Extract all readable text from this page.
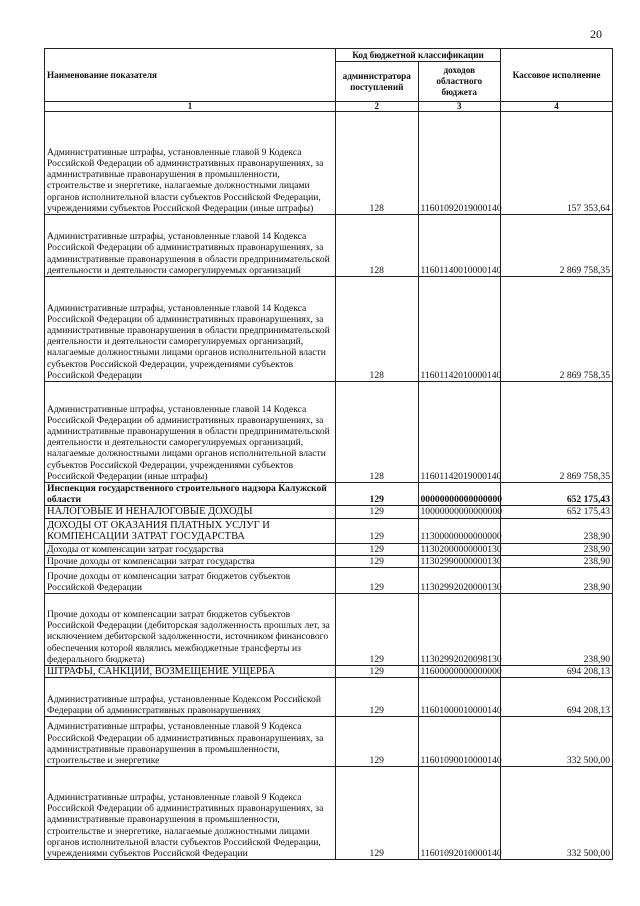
20
Наименование показателя	Код бюджетной классификации		Кассовое исполнение
	администратора поступлений	доходов областного бюджета	
1	2	3	4
Административные штрафы, установленные главой 9 Кодекса Российской Федерации об административных правонарушениях, за административные правонарушения в промышленности, строительстве и энергетике, налагаемые должностными лицами органов исполнительной власти субъектов Российской Федерации, учреждениями субъектов Российской Федерации (иные штрафы)	128	11601092019000140	157 353,64
Административные штрафы, установленные главой 14 Кодекса Российской Федерации об административных правонарушениях, за административные правонарушения в области предпринимательской деятельности и деятельности саморегулируемых организаций	128	11601140010000140	2 869 758,35
Административные штрафы, установленные главой 14 Кодекса Российской Федерации об административных правонарушениях, за административные правонарушения в области предпринимательской деятельности и деятельности саморегулируемых организаций, налагаемые должностными лицами органов исполнительной власти субъектов Российской Федерации, учреждениями субъектов Российской Федерации	128	11601142010000140	2 869 758,35
Административные штрафы, установленные главой 14 Кодекса Российской Федерации об административных правонарушениях, за административные правонарушения в области предпринимательской деятельности и деятельности саморегулируемых организаций, налагаемые должностными лицами органов исполнительной власти субъектов Российской Федерации, учреждениями субъектов Российской Федерации (иные штрафы)	128	11601142019000140	2 869 758,35
Инспекция государственного строительного надзора Калужской области	129	00000000000000000	652 175,43
НАЛОГОВЫЕ И НЕНАЛОГОВЫЕ ДОХОДЫ	129	10000000000000000	652 175,43
ДОХОДЫ ОТ ОКАЗАНИЯ ПЛАТНЫХ УСЛУГ И КОМПЕНСАЦИИ ЗАТРАТ ГОСУДАРСТВА	129	11300000000000000	238,90
Доходы от компенсации затрат государства	129	11302000000000130	238,90
Прочие доходы от компенсации затрат государства	129	11302990000000130	238,90
Прочие доходы от компенсации затрат бюджетов субъектов Российской Федерации	129	11302992020000130	238,90
Прочие доходы от компенсации затрат бюджетов субъектов Российской Федерации (дебиторская задолженность прошлых лет, за исключением дебиторской задолженности, источником финансового обеспечения которой являлись межбюджетные трансферты из федерального бюджета)	129	11302992020098130	238,90
ШТРАФЫ, САНКЦИИ, ВОЗМЕЩЕНИЕ УЩЕРБА	129	11600000000000000	694 208,13
Административные штрафы, установленные Кодексом Российской Федерации об административных правонарушениях	129	11601000010000140	694 208,13
Административные штрафы, установленные главой 9 Кодекса Российской Федерации об административных правонарушениях, за административные правонарушения в промышленности, строительстве и энергетике	129	11601090010000140	332 500,00
Административные штрафы, установленные главой 9 Кодекса Российской Федерации об административных правонарушениях, за административные правонарушения в промышленности, строительстве и энергетике, налагаемые должностными лицами органов исполнительной власти субъектов Российской Федерации, учреждениями субъектов Российской Федерации	129	11601092010000140	332 500,00
